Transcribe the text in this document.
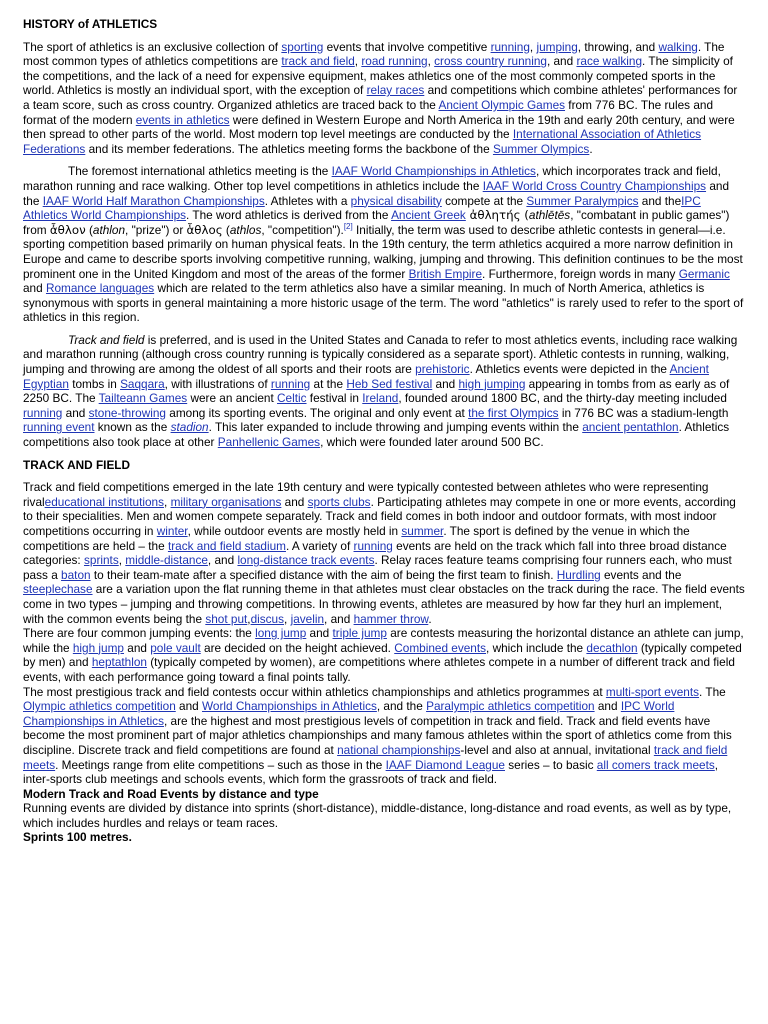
HISTORY of ATHLETICS

The sport of athletics is an exclusive collection of sporting events that involve competitive running, jumping, throwing, and walking. The most common types of athletics competitions are track and field, road running, cross country running, and race walking. The simplicity of the competitions, and the lack of a need for expensive equipment, makes athletics one of the most commonly competed sports in the world. Athletics is mostly an individual sport, with the exception of relay races and competitions which combine athletes' performances for a team score, such as cross country. Organized athletics are traced back to the Ancient Olympic Games from 776 BC. The rules and format of the modern events in athletics were defined in Western Europe and North America in the 19th and early 20th century, and were then spread to other parts of the world. Most modern top level meetings are conducted by the International Association of Athletics Federations and its member federations. The athletics meeting forms the backbone of the Summer Olympics.

The foremost international athletics meeting is the IAAF World Championships in Athletics, which incorporates track and field, marathon running and race walking. Other top level competitions in athletics include the IAAF World Cross Country Championships and the IAAF World Half Marathon Championships. Athletes with a physical disability compete at the Summer Paralympics and theIPC Athletics World Championships. The word athletics is derived from the Ancient Greek ἀθλητής (athlētēs, "combatant in public games") from ἆθλον (athlon, "prize") or ἇθλος (athlos, "competition").[2] Initially, the term was used to describe athletic contests in general—i.e. sporting competition based primarily on human physical feats. In the 19th century, the term athletics acquired a more narrow definition in Europe and came to describe sports involving competitive running, walking, jumping and throwing. This definition continues to be the most prominent one in the United Kingdom and most of the areas of the former British Empire. Furthermore, foreign words in many Germanic and Romance languages which are related to the term athletics also have a similar meaning. In much of North America, athletics is synonymous with sports in general maintaining a more historic usage of the term. The word "athletics" is rarely used to refer to the sport of athletics in this region.

Track and field is preferred, and is used in the United States and Canada to refer to most athletics events, including race walking and marathon running (although cross country running is typically considered as a separate sport). Athletic contests in running, walking, jumping and throwing are among the oldest of all sports and their roots are prehistoric. Athletics events were depicted in the Ancient Egyptian tombs in Saqqara, with illustrations of running at the Heb Sed festival and high jumping appearing in tombs from as early as of 2250 BC. The Tailteann Games were an ancient Celtic festival in Ireland, founded around 1800 BC, and the thirty-day meeting included running and stone-throwing among its sporting events. The original and only event at the first Olympics in 776 BC was a stadium-length running event known as the stadion. This later expanded to include throwing and jumping events within the ancient pentathlon. Athletics competitions also took place at other Panhellenic Games, which were founded later around 500 BC.

TRACK AND FIELD

Track and field competitions emerged in the late 19th century and were typically contested between athletes who were representing rivaleducational institutions, military organisations and sports clubs. Participating athletes may compete in one or more events, according to their specialities. Men and women compete separately. Track and field comes in both indoor and outdoor formats, with most indoor competitions occurring in winter, while outdoor events are mostly held in summer. The sport is defined by the venue in which the competitions are held – the track and field stadium. A variety of running events are held on the track which fall into three broad distance categories: sprints, middle-distance, and long-distance track events. Relay races feature teams comprising four runners each, who must pass a baton to their team-mate after a specified distance with the aim of being the first team to finish. Hurdling events and the steeplechase are a variation upon the flat running theme in that athletes must clear obstacles on the track during the race. The field events come in two types – jumping and throwing competitions. In throwing events, athletes are measured by how far they hurl an implement, with the common events being the shot put,discus, javelin, and hammer throw.

There are four common jumping events: the long jump and triple jump are contests measuring the horizontal distance an athlete can jump, while the high jump and pole vault are decided on the height achieved. Combined events, which include the decathlon (typically competed by men) and heptathlon (typically competed by women), are competitions where athletes compete in a number of different track and field events, with each performance going toward a final points tally.

The most prestigious track and field contests occur within athletics championships and athletics programmes at multi-sport events. The Olympic athletics competition and World Championships in Athletics, and the Paralympic athletics competition and IPC World Championships in Athletics, are the highest and most prestigious levels of competition in track and field. Track and field events have become the most prominent part of major athletics championships and many famous athletes within the sport of athletics come from this discipline. Discrete track and field competitions are found at national championships-level and also at annual, invitational track and field meets. Meetings range from elite competitions – such as those in the IAAF Diamond League series – to basic all comers track meets, inter-sports club meetings and schools events, which form the grassroots of track and field.

Modern Track and Road Events by distance and type

Running events are divided by distance into sprints (short-distance), middle-distance, long-distance and road events, as well as by type, which includes hurdles and relays or team races.

Sprints 100 metres.
